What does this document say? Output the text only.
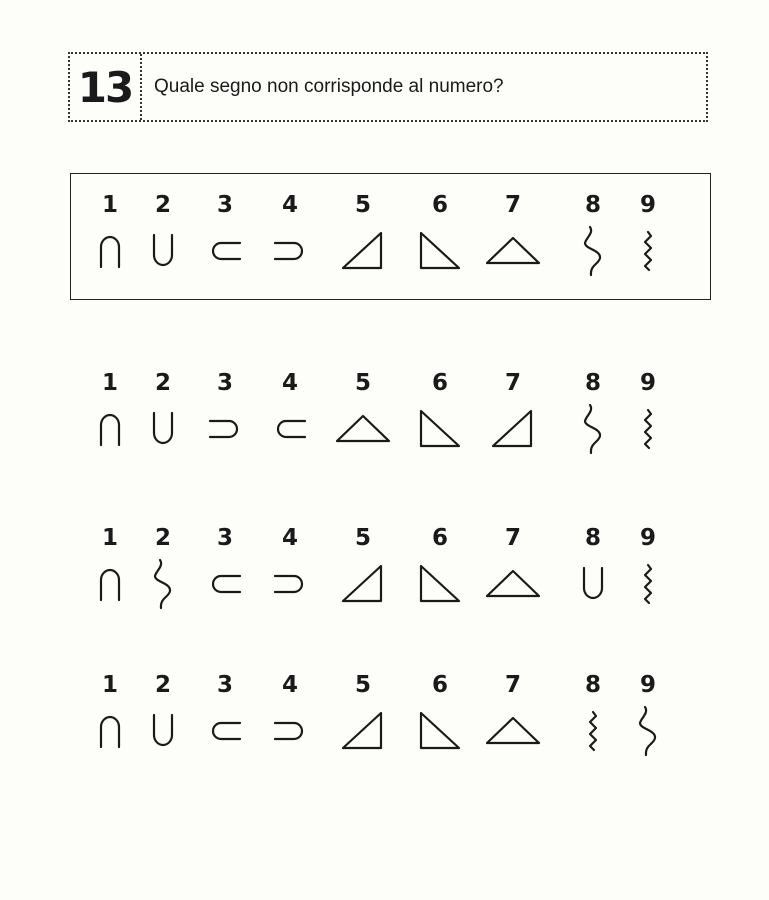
13	Quale segno non corrisponde al numero?
1	2	3	4	5	6	7	8	9
1	2	3	4	5	6	7	8	9
1	2	3	4	5	6	7	8	9
1	2	3	4	5	6	7	8	9
